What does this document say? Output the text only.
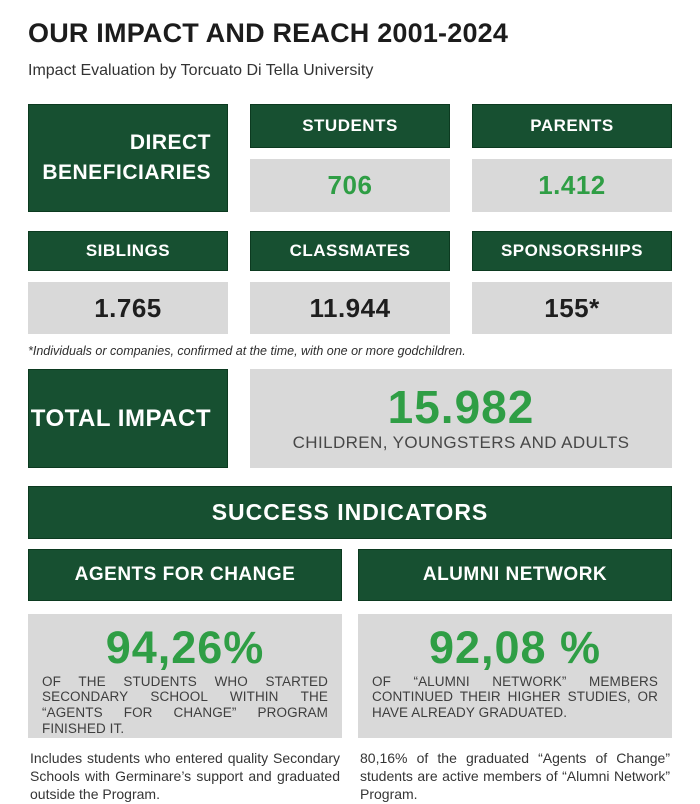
OUR IMPACT AND REACH 2001-2024

Impact Evaluation by Torcuato Di Tella University

DIRECT BENEFICIARIES
STUDENTS	PARENTS
706	1.412
SIBLINGS	CLASSMATES	SPONSORSHIPS
1.765	11.944	155*

*Individuals or companies, confirmed at the time, with one or more godchildren.

TOTAL IMPACT	15.982
CHILDREN, YOUNGSTERS AND ADULTS
SUCCESS INDICATORS
AGENTS FOR CHANGE	ALUMNI NETWORK
94,26%
OF THE STUDENTS WHO STARTED SECONDARY SCHOOL WITHIN THE “AGENTS FOR CHANGE” PROGRAM FINISHED IT.
92,08 %
OF “ALUMNI NETWORK” MEMBERS CONTINUED THEIR HIGHER STUDIES, OR HAVE ALREADY GRADUATED.

Includes students who entered quality Secondary Schools with Germinare’s support and graduated outside the Program.

80,16% of the graduated “Agents of Change” students are active members of “Alumni Network” Program.
